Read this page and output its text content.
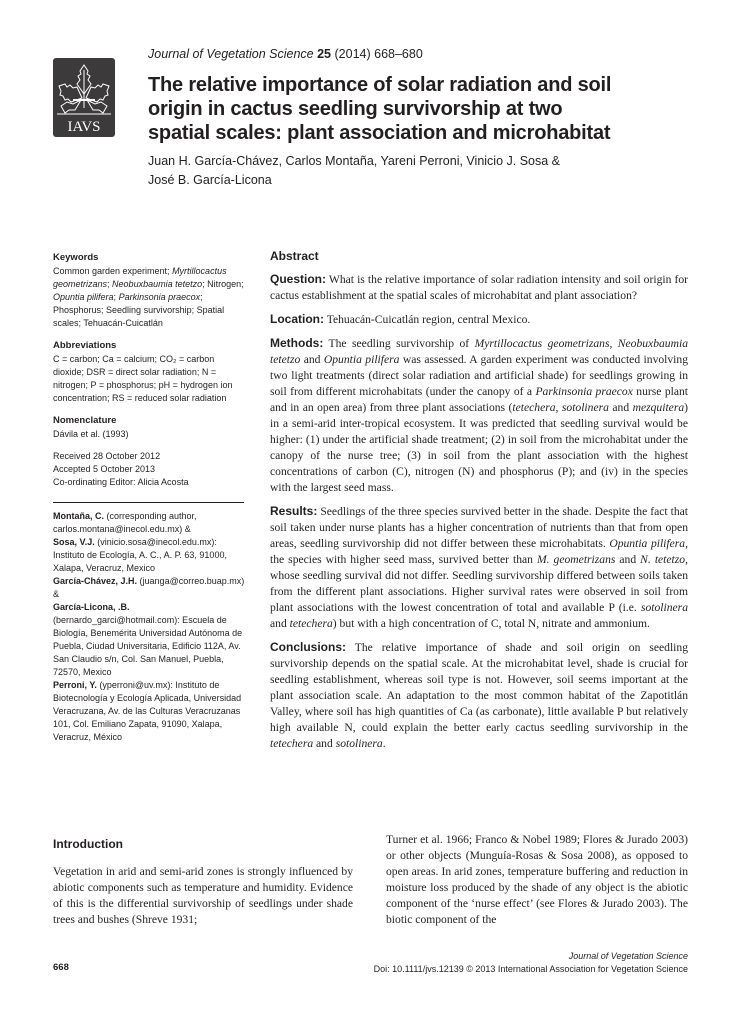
Journal of Vegetation Science 25 (2014) 668–680
IAVS
The relative importance of solar radiation and soil origin in cactus seedling survivorship at two spatial scales: plant association and microhabitat
Juan H. García-Chávez, Carlos Montaña, Yareni Perroni, Vinicio J. Sosa &
José B. García-Licona
Keywords

Common garden experiment; Myrtillocactus geometrizans; Neobuxbaumia tetetzo; Nitrogen; Opuntia pilifera; Parkinsonia praecox; Phosphorus; Seedling survivorship; Spatial scales; Tehuacán-Cuicatlán

Abbreviations

C = carbon; Ca = calcium; CO₂ = carbon dioxide; DSR = direct solar radiation; N = nitrogen; P = phosphorus; pH = hydrogen ion concentration; RS = reduced solar radiation

Nomenclature

Dávila et al. (1993)

Received 28 October 2012

Accepted 5 October 2013

Co-ordinating Editor: Alicia Acosta

Montaña, C. (corresponding author, carlos.montana@inecol.edu.mx) &
Sosa, V.J. (vinicio.sosa@inecol.edu.mx): Instituto de Ecología, A. C., A. P. 63, 91000, Xalapa, Veracruz, Mexico
García-Chávez, J.H. (juanga@correo.buap.mx) &
García-Licona, .B. (bernardo_garci@hotmail.com): Escuela de Biología, Benemérita Universidad Autónoma de Puebla, Ciudad Universitaria, Edificio 112A, Av. San Claudio s/n, Col. San Manuel, Puebla, 72570, Mexico
Perroni, Y. (yperroni@uv.mx): Instituto de Biotecnología y Ecología Aplicada, Universidad Veracruzana, Av. de las Culturas Veracruzanas 101, Col. Emiliano Zapata, 91090, Xalapa, Veracruz, México

Abstract

Question: What is the relative importance of solar radiation intensity and soil origin for cactus establishment at the spatial scales of microhabitat and plant association?

Location: Tehuacán-Cuicatlán region, central Mexico.

Methods: The seedling survivorship of Myrtillocactus geometrizans, Neobuxbaumia tetetzo and Opuntia pilifera was assessed. A garden experiment was conducted involving two light treatments (direct solar radiation and artificial shade) for seedlings growing in soil from different microhabitats (under the canopy of a Parkinsonia praecox nurse plant and in an open area) from three plant associations (tetechera, sotolinera and mezquitera) in a semi-arid inter-tropical ecosystem. It was predicted that seedling survival would be higher: (1) under the artificial shade treatment; (2) in soil from the microhabitat under the canopy of the nurse tree; (3) in soil from the plant association with the highest concentrations of carbon (C), nitrogen (N) and phosphorus (P); and (iv) in the species with the largest seed mass.

Results: Seedlings of the three species survived better in the shade. Despite the fact that soil taken under nurse plants has a higher concentration of nutrients than that from open areas, seedling survivorship did not differ between these microhabitats. Opuntia pilifera, the species with higher seed mass, survived better than M. geometrizans and N. tetetzo, whose seedling survival did not differ. Seedling survivorship differed between soils taken from the different plant associations. Higher survival rates were observed in soil from plant associations with the lowest concentration of total and available P (i.e. sotolinera and tetechera) but with a high concentration of C, total N, nitrate and ammonium.

Conclusions: The relative importance of shade and soil origin on seedling survivorship depends on the spatial scale. At the microhabitat level, shade is crucial for seedling establishment, whereas soil type is not. However, soil seems important at the plant association scale. An adaptation to the most common habitat of the Zapotitlán Valley, where soil has high quantities of Ca (as carbonate), little available P but relatively high available N, could explain the better early cactus seedling survivorship in the tetechera and sotolinera.

Introduction

Vegetation in arid and semi-arid zones is strongly influenced by abiotic components such as temperature and humidity. Evidence of this is the differential survivorship of seedlings under shade trees and bushes (Shreve 1931;

Turner et al. 1966; Franco & Nobel 1989; Flores & Jurado 2003) or other objects (Munguía-Rosas & Sosa 2008), as opposed to open areas. In arid zones, temperature buffering and reduction in moisture loss produced by the shade of any object is the abiotic component of the ‘nurse effect’ (see Flores & Jurado 2003). The biotic component of the

668
Journal of Vegetation Science
Doi: 10.1111/jvs.12139 © 2013 International Association for Vegetation Science
